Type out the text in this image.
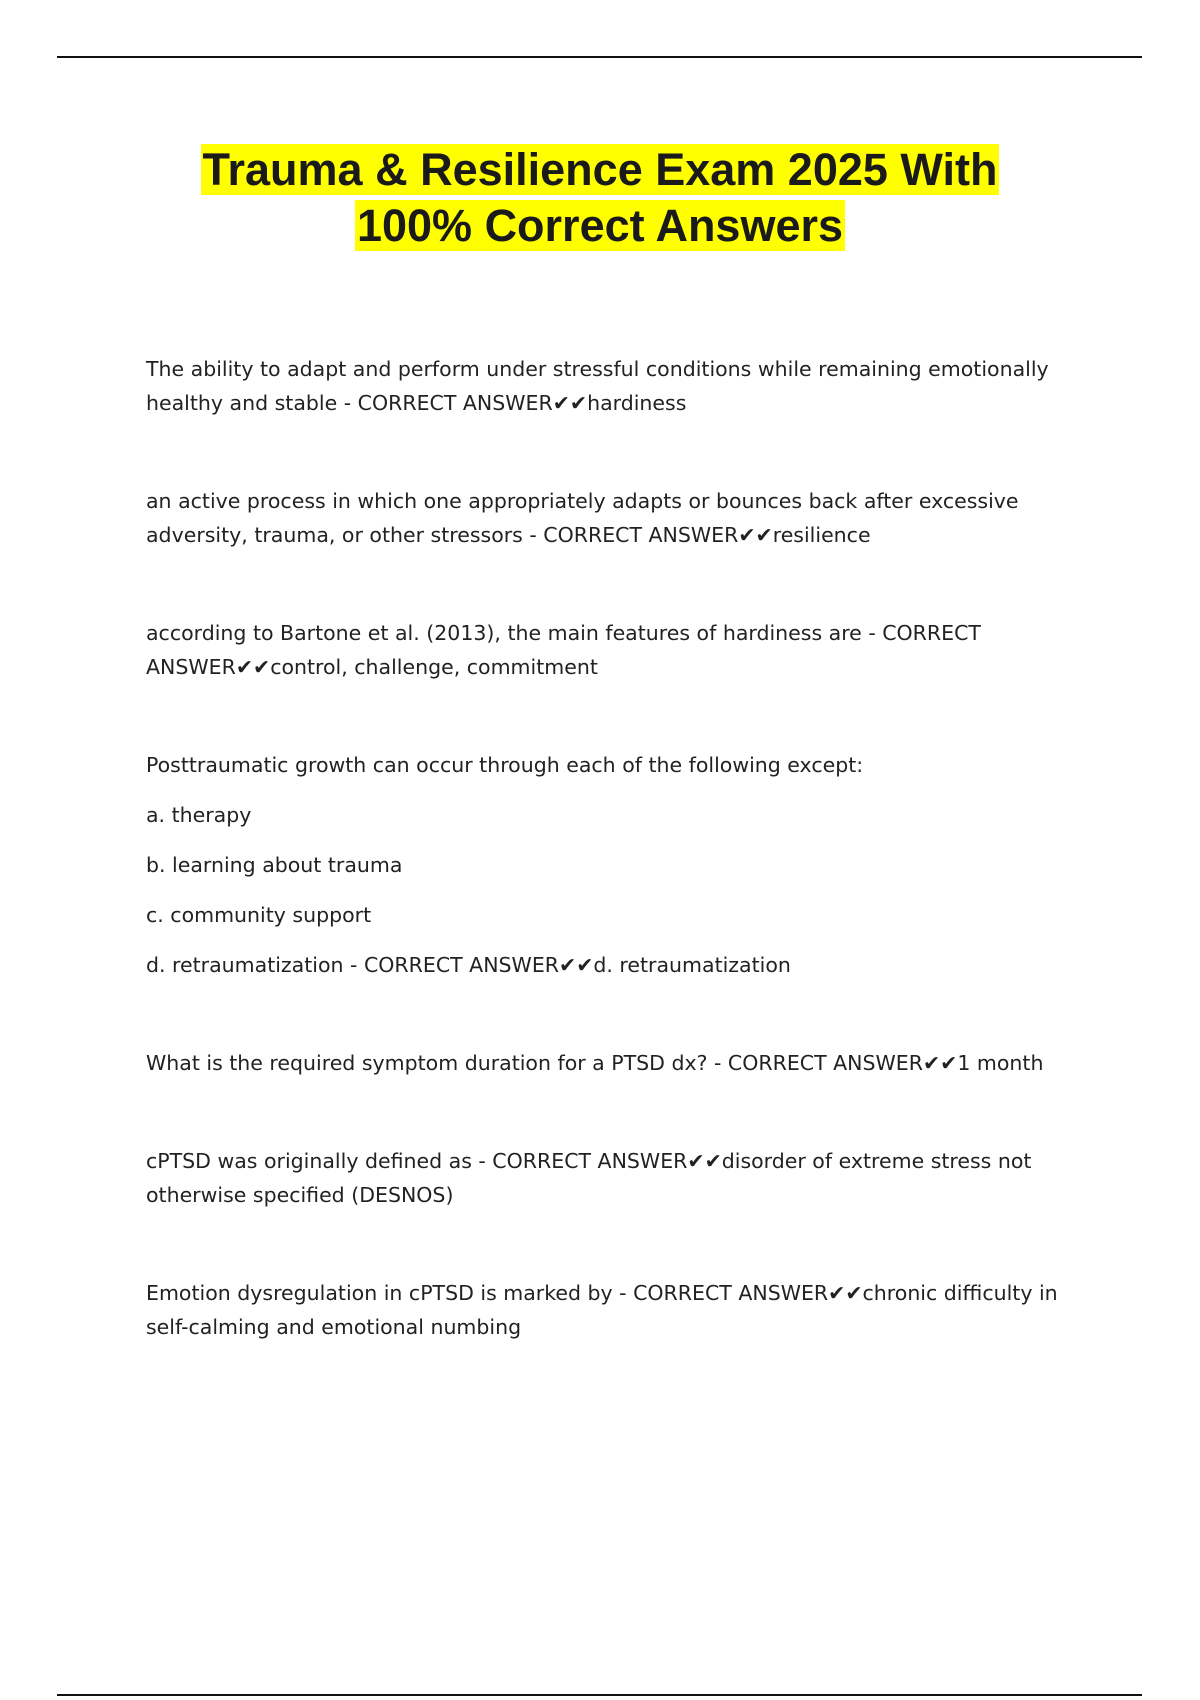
Trauma & Resilience Exam 2025 With
100% Correct Answers

The ability to adapt and perform under stressful conditions while remaining emotionally healthy and stable - CORRECT ANSWER✔✔hardiness

an active process in which one appropriately adapts or bounces back after excessive adversity, trauma, or other stressors - CORRECT ANSWER✔✔resilience

according to Bartone et al. (2013), the main features of hardiness are - CORRECT ANSWER✔✔control, challenge, commitment

Posttraumatic growth can occur through each of the following except:
a. therapy
b. learning about trauma
c. community support
d. retraumatization - CORRECT ANSWER✔✔d. retraumatization

What is the required symptom duration for a PTSD dx? - CORRECT ANSWER✔✔1 month

cPTSD was originally defined as - CORRECT ANSWER✔✔disorder of extreme stress not otherwise specified (DESNOS)

Emotion dysregulation in cPTSD is marked by - CORRECT ANSWER✔✔chronic difficulty in self-calming and emotional numbing
